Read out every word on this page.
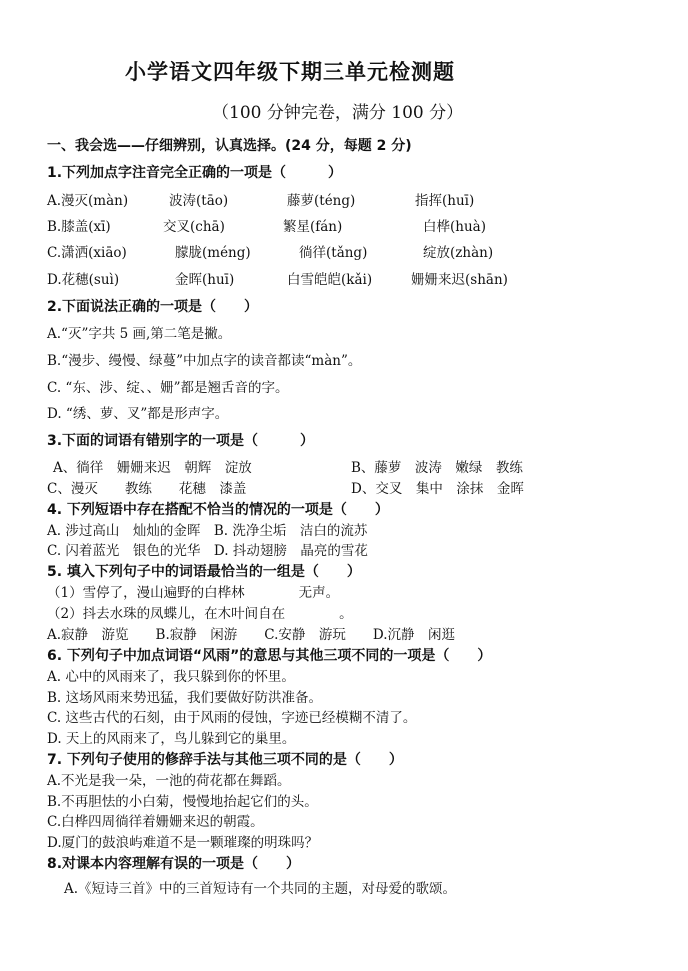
小学语文四年级下期三单元检测题
（100 分钟完卷，满分 100 分）
一、我会选——仔细辨别，认真选择。(24 分，每题 2 分)
1.下列加点字注音完全正确的一项是（　　　）
A.漫灭(màn)	波涛(tāo)	藤萝(téng)	指挥(huī)
B.膝盖(xī)	交叉(chā)	繁星(fán)	白桦(huà)
C.潇洒(xiāo)	朦胧(méng)	徜徉(tǎng)	绽放(zhàn)
D.花穗(suì)	金晖(huī)	白雪皑皑(kǎi)	姗姗来迟(shān)
2.下面说法正确的一项是（　　）
A.“灭”字共 5 画,第二笔是撇。
B.“漫步、缦慢、绿蔓”中加点字的读音都读“màn”。
C. “东、涉、绽、、姗”都是翘舌音的字。
D. “绣、萝、叉”都是形声字。
3.下面的词语有错别字的一项是（　　　）
A、徜徉　姗姗来迟　朝辉　淀放	B、藤萝　波涛　嫩绿　教练
C、漫灭　　教练　　花穗　漆盖	D、交叉　集中　涂抹　金晖
4. 下列短语中存在搭配不恰当的情况的一项是（　　）
A. 涉过高山　灿灿的金晖　B. 洗净尘垢　洁白的流苏
C. 闪着蓝光　银色的光华　D. 抖动翅膀　晶亮的雪花
5. 填入下列句子中的词语最恰当的一组是（　　）
（1）雪停了，漫山遍野的白桦林　　　　无声。
（2）抖去水珠的凤蝶儿，在木叶间自在　　　　。
A.寂静　游览　　B.寂静　闲游　　C.安静　游玩　　D.沉静　闲逛
6. 下列句子中加点词语“风雨”的意思与其他三项不同的一项是（　　）
A. 心中的风雨来了，我只躲到你的怀里。
B. 这场风雨来势迅猛，我们要做好防洪准备。
C. 这些古代的石刻，由于风雨的侵蚀，字迹已经模糊不清了。
D. 天上的风雨来了，鸟儿躲到它的巢里。
7. 下列句子使用的修辞手法与其他三项不同的是（　　）
A.不光是我一朵，一池的荷花都在舞蹈。
B.不再胆怯的小白菊，慢慢地抬起它们的头。
C.白桦四周徜徉着姗姗来迟的朝霞。
D.厦门的鼓浪屿难道不是一颗璀璨的明珠吗？
8.对课本内容理解有误的一项是（　　）
A.《短诗三首》中的三首短诗有一个共同的主题，对母爱的歌颂。
